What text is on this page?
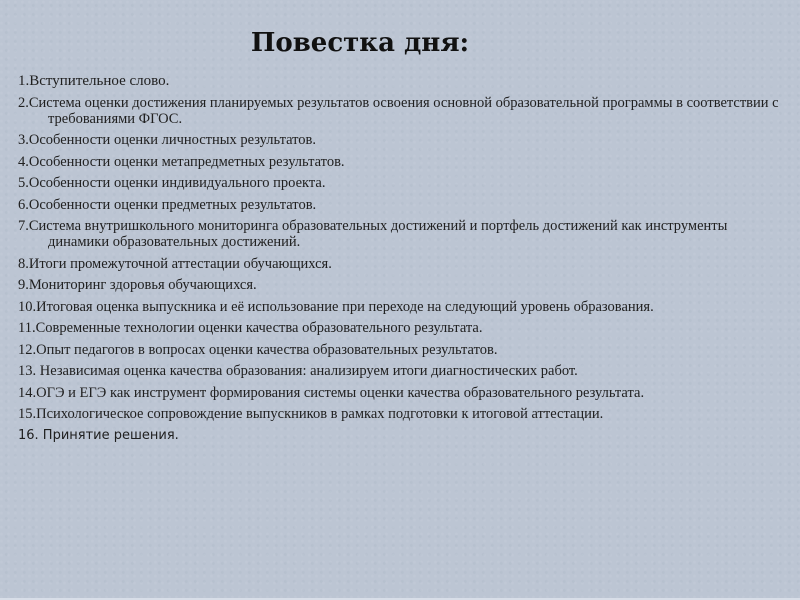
Повестка дня:
1.Вступительное слово.
2.Система оценки достижения планируемых результатов освоения основной образовательной программы в соответствии с требованиями ФГОС.
3.Особенности оценки личностных результатов.
4.Особенности оценки метапредметных результатов.
5.Особенности оценки индивидуального проекта.
6.Особенности оценки предметных результатов.
7.Система внутришкольного мониторинга образовательных достижений и портфель достижений как инструменты динамики образовательных достижений.
8.Итоги промежуточной аттестации обучающихся.
9.Мониторинг здоровья обучающихся.
10.Итоговая оценка выпускника и её использование при переходе на следующий уровень образования.
11.Современные технологии оценки качества образовательного результата.
12.Опыт педагогов в вопросах оценки качества образовательных результатов.
13. Независимая оценка качества образования: анализируем итоги диагностических работ.
14.ОГЭ и ЕГЭ как инструмент формирования системы оценки качества образовательного результата.
15.Психологическое сопровождение выпускников в рамках подготовки к итоговой аттестации.
16. Принятие решения.
